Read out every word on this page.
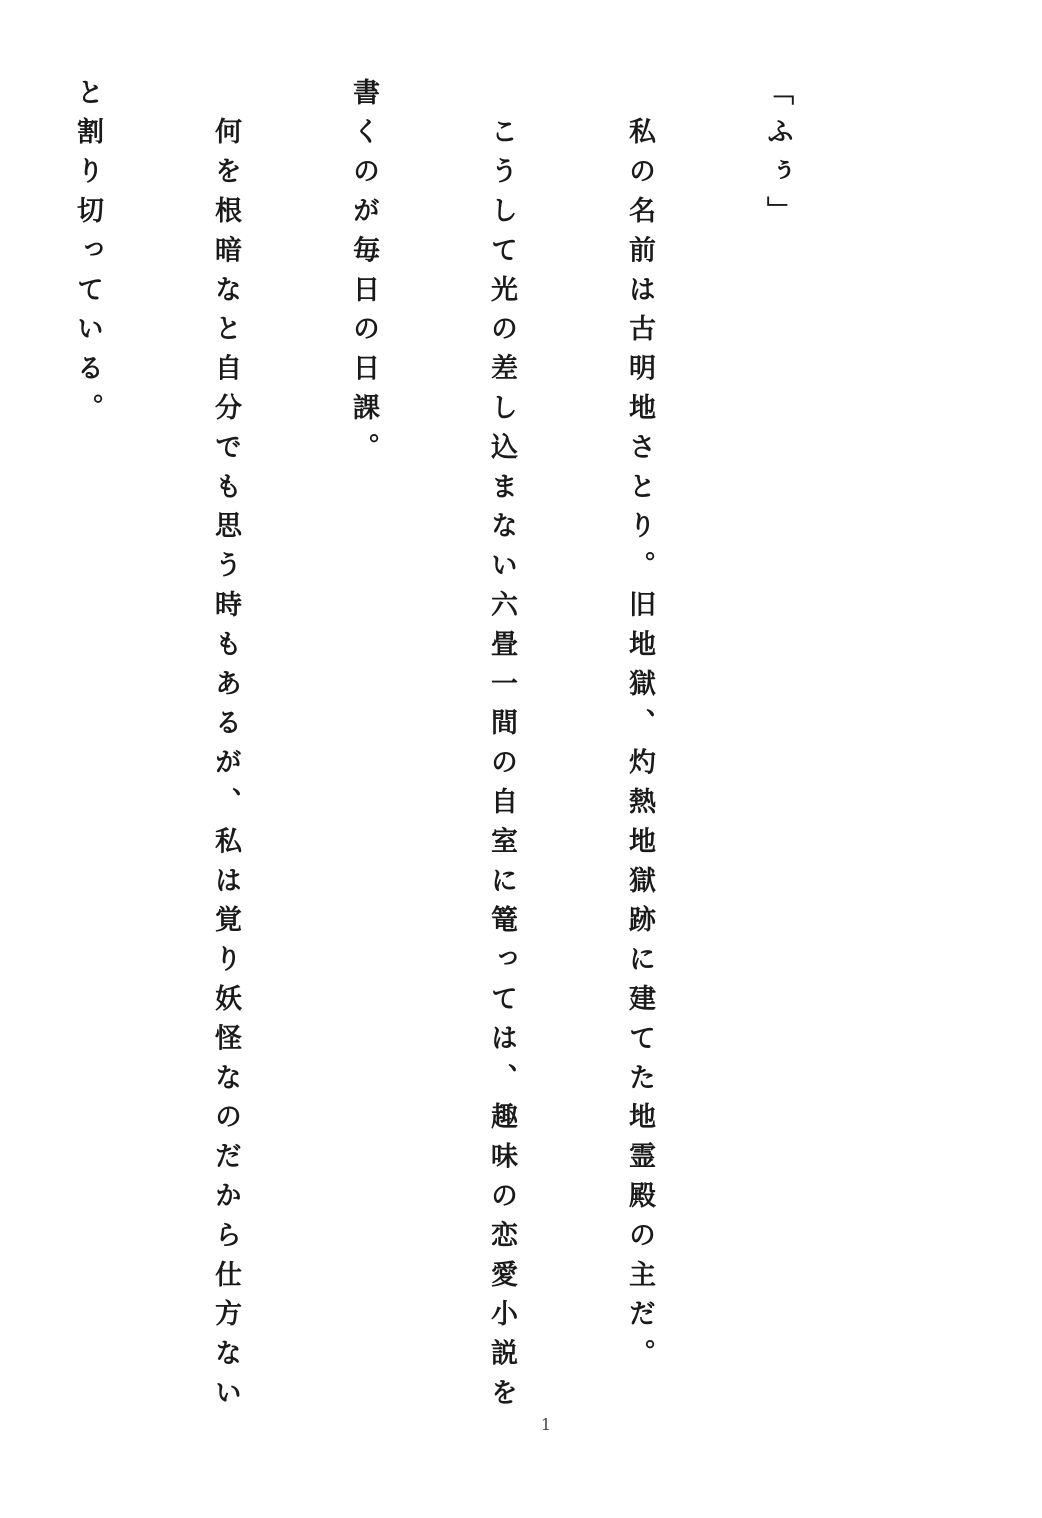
「ふぅ」

　私の名前は古明地さとり。旧地獄、灼熱地獄跡に建てた地霊殿の主だ。

　こうして光の差し込まない六畳一間の自室に篭っては、趣味の恋愛小説を

書くのが毎日の日課。

　何を根暗なと自分でも思う時もあるが、私は覚り妖怪なのだから仕方ない

と割り切っている。

1
